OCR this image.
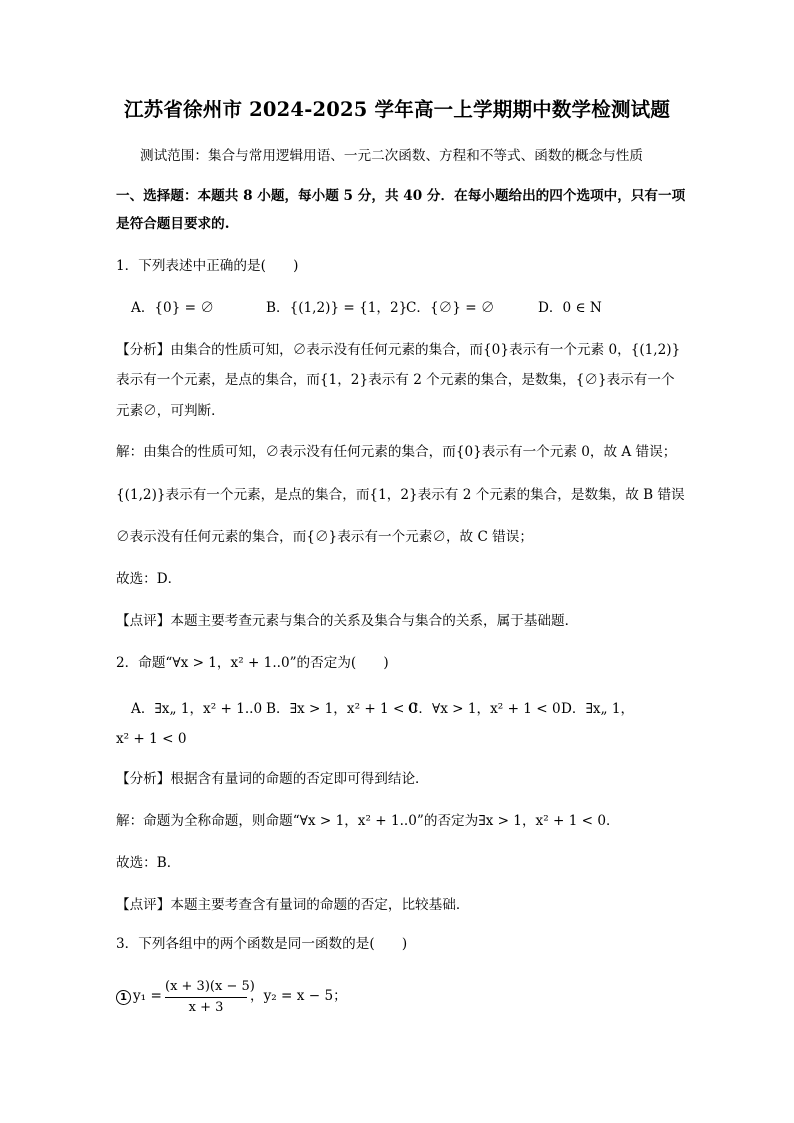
江苏省徐州市 2024-2025 学年高一上学期期中数学检测试题
测试范围：集合与常用逻辑用语、一元二次函数、方程和不等式、函数的概念与性质
一、选择题：本题共 8 小题，每小题 5 分，共 40 分．在每小题给出的四个选项中，只有一项
是符合题目要求的.
1．下列表述中正确的是(　　)
A．{0} = ∅	B．{(1,2)} = {1，2}
C．{∅} = ∅	D．0 ∈ N
【分析】由集合的性质可知，∅表示没有任何元素的集合，而{0}表示有一个元素 0，{(1,2)}
表示有一个元素，是点的集合，而{1，2}表示有 2 个元素的集合，是数集，{∅}表示有一个
元素∅，可判断．
解：由集合的性质可知，∅表示没有任何元素的集合，而{0}表示有一个元素 0，故 A 错误；
{(1,2)}表示有一个元素，是点的集合，而{1，2}表示有 2 个元素的集合，是数集，故 B 错误
∅表示没有任何元素的集合，而{∅}表示有一个元素∅，故 C 错误；
故选：D．
【点评】本题主要考查元素与集合的关系及集合与集合的关系，属于基础题．
2．命题“∀x > 1，x² + 1..0”的否定为(　　)
A．∃x„ 1，x² + 1..0 B．∃x > 1，x² + 1 < 0
C．∀x > 1，x² + 1 < 0 D．∃x„ 1，
x² + 1 < 0
【分析】根据含有量词的命题的否定即可得到结论．
解：命题为全称命题，则命题“∀x > 1，x² + 1..0”的否定为∃x > 1，x² + 1 < 0．
故选：B．
【点评】本题主要考查含有量词的命题的否定，比较基础．
3．下列各组中的两个函数是同一函数的是(　　)
1 y₁ =
(x + 3)(x − 5)
x + 3
，y₂ = x − 5；
